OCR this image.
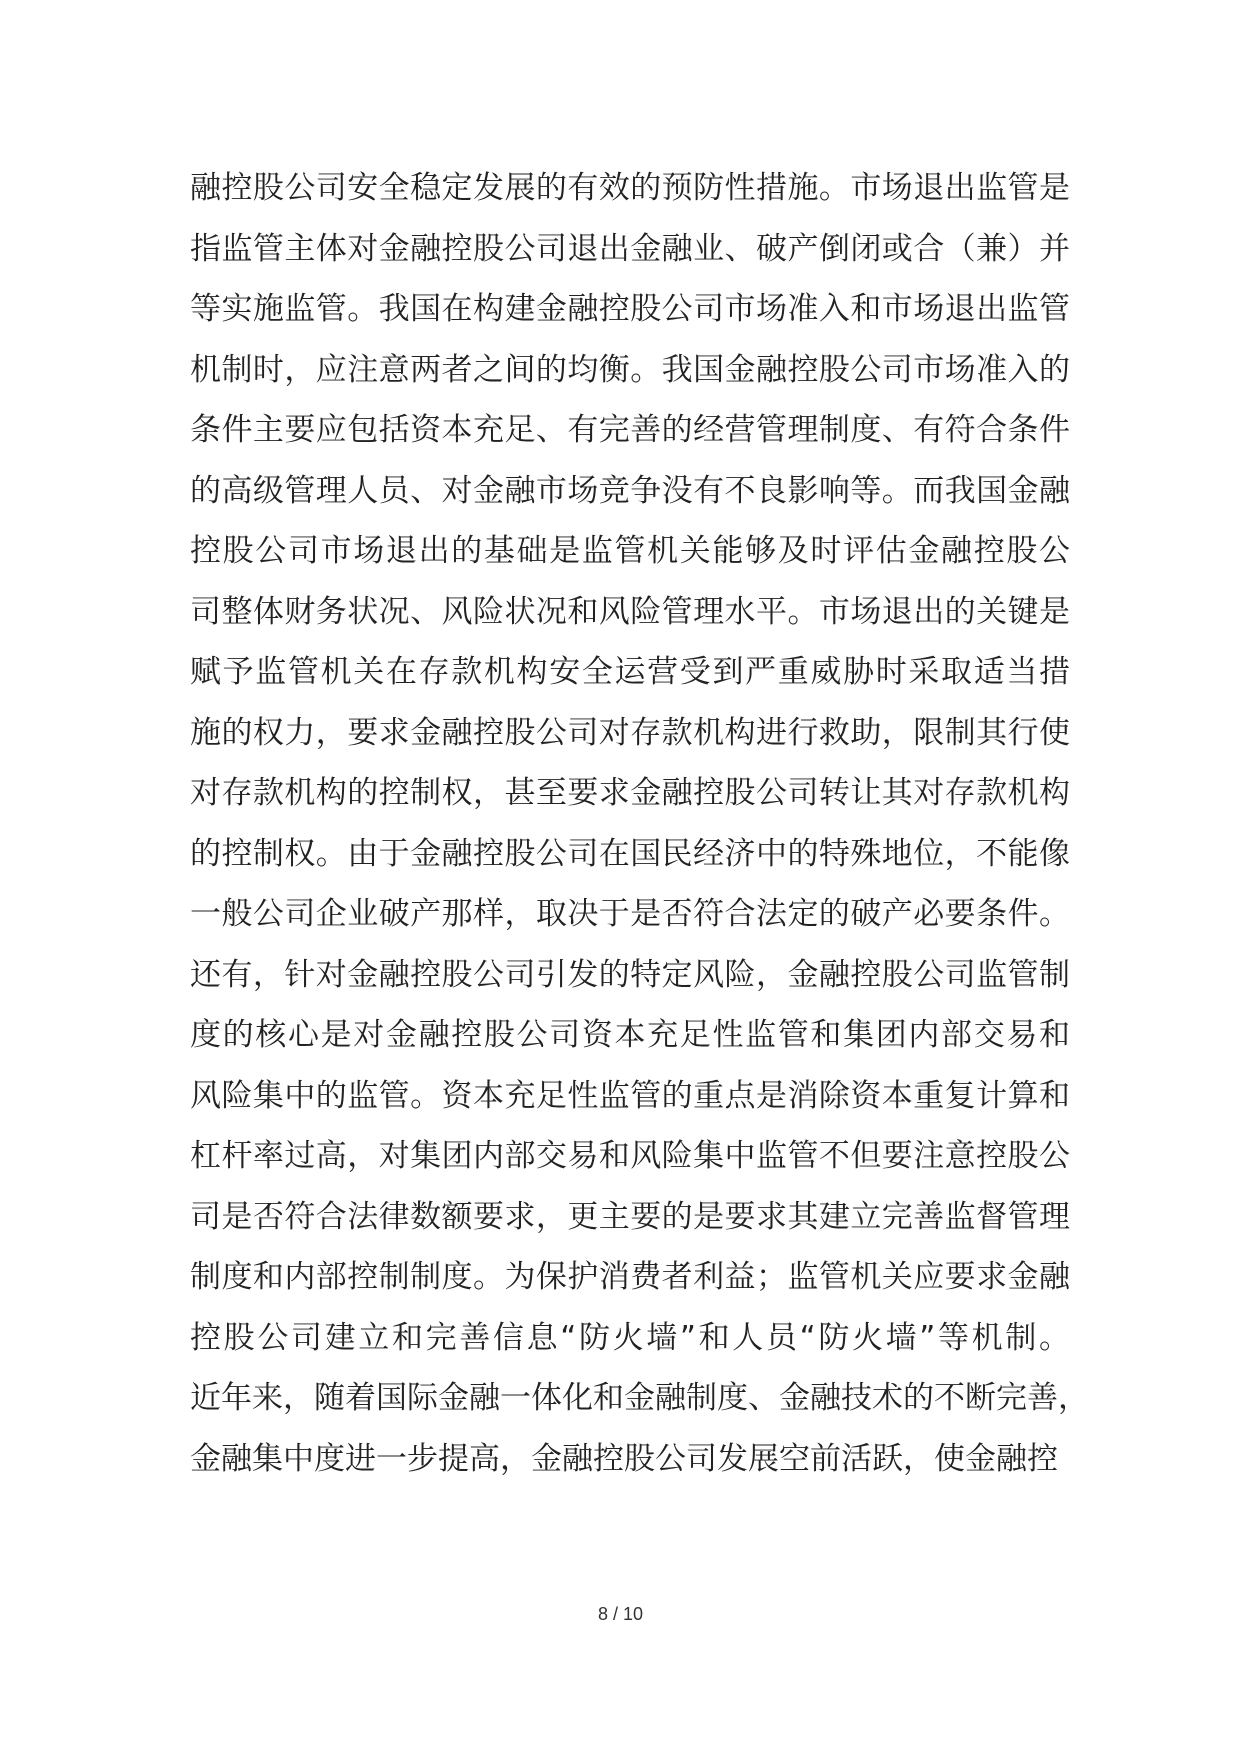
融控股公司安全稳定发展的有效的预防性措施。市场退出监管是
指监管主体对金融控股公司退出金融业、破产倒闭或合（兼）并
等实施监管。我国在构建金融控股公司市场准入和市场退出监管
机制时，应注意两者之间的均衡。我国金融控股公司市场准入的
条件主要应包括资本充足、有完善的经营管理制度、有符合条件
的高级管理人员、对金融市场竞争没有不良影响等。而我国金融
控股公司市场退出的基础是监管机关能够及时评估金融控股公
司整体财务状况、风险状况和风险管理水平。市场退出的关键是
赋予监管机关在存款机构安全运营受到严重威胁时采取适当措
施的权力，要求金融控股公司对存款机构进行救助，限制其行使
对存款机构的控制权，甚至要求金融控股公司转让其对存款机构
的控制权。由于金融控股公司在国民经济中的特殊地位，不能像
一般公司企业破产那样，取决于是否符合法定的破产必要条件。
还有，针对金融控股公司引发的特定风险，金融控股公司监管制
度的核心是对金融控股公司资本充足性监管和集团内部交易和
风险集中的监管。资本充足性监管的重点是消除资本重复计算和
杠杆率过高，对集团内部交易和风险集中监管不但要注意控股公
司是否符合法律数额要求，更主要的是要求其建立完善监督管理
制度和内部控制制度。为保护消费者利益；监管机关应要求金融
控股公司建立和完善信息“防火墙”和人员“防火墙”等机制。
近年来，随着国际金融一体化和金融制度、金融技术的不断完善，
金融集中度进一步提高，金融控股公司发展空前活跃，使金融控
8 / 10
